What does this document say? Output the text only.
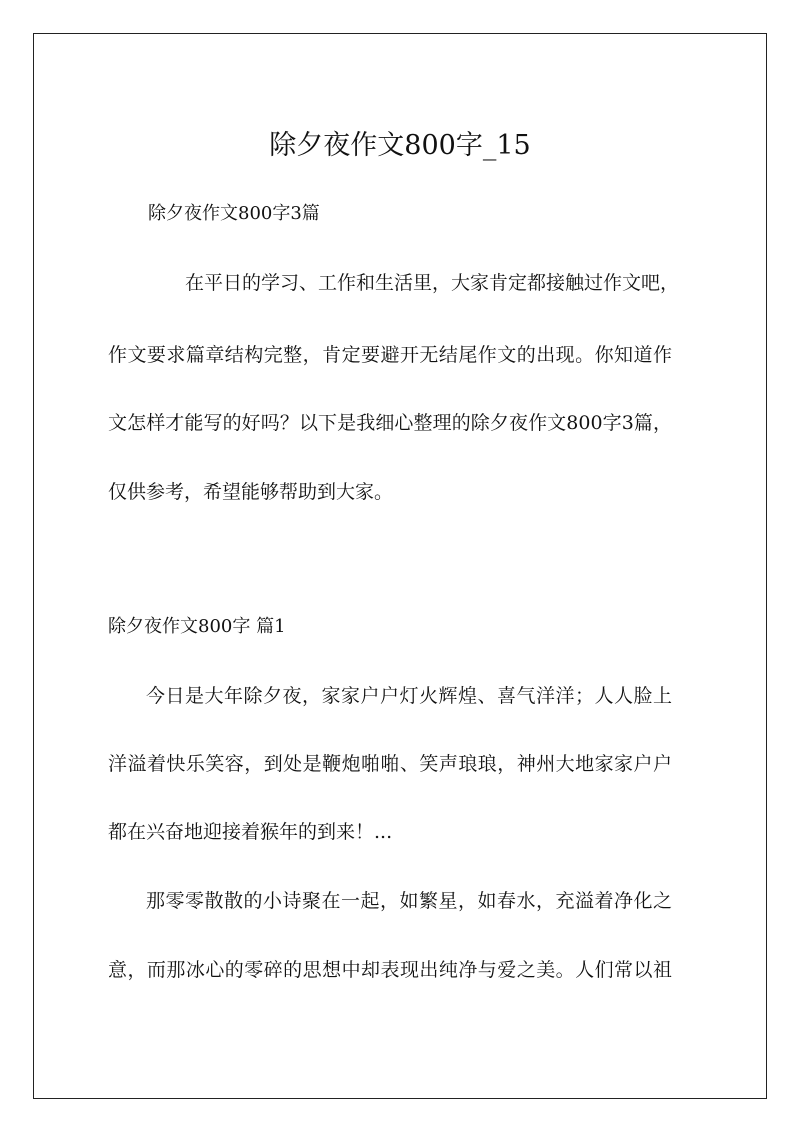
除夕夜作文800字_15
除夕夜作文800字3篇
在平日的学习、工作和生活里，大家肯定都接触过作文吧，
作文要求篇章结构完整，肯定要避开无结尾作文的出现。你知道作
文怎样才能写的好吗？以下是我细心整理的除夕夜作文800字3篇，
仅供参考，希望能够帮助到大家。
除夕夜作文800字 篇1
今日是大年除夕夜，家家户户灯火辉煌、喜气洋洋；人人脸上
洋溢着快乐笑容，到处是鞭炮啪啪、笑声琅琅，神州大地家家户户
都在兴奋地迎接着猴年的到来！...
那零零散散的小诗聚在一起，如繁星，如春水，充溢着净化之
意，而那冰心的零碎的思想中却表现出纯净与爱之美。人们常以祖
